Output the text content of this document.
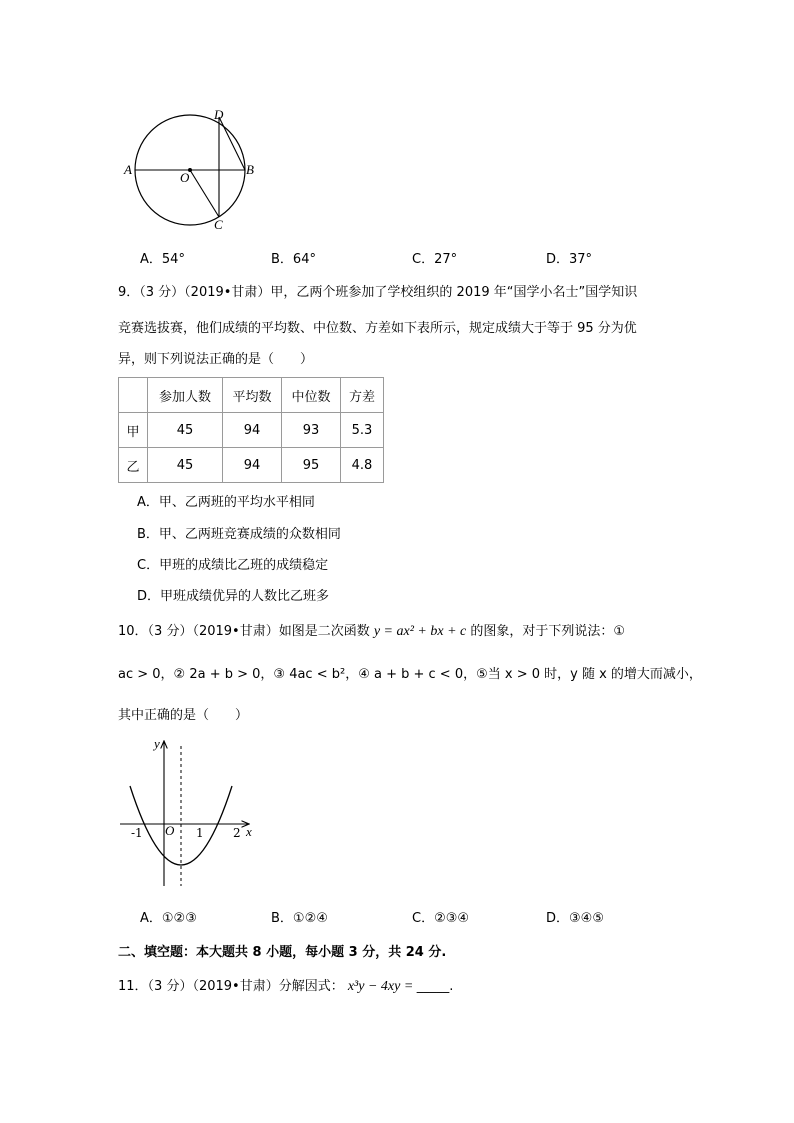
D
A
O
B
C
A．54°	B．64°	C．27°	D．37°
9．（3 分）（2019•甘肃）甲，乙两个班参加了学校组织的 2019 年“国学小名士”国学知识
竞赛选拔赛，他们成绩的平均数、中位数、方差如下表所示，规定成绩大于等于 95 分为优
异，则下列说法正确的是（　　）
	参加人数	平均数	中位数	方差
甲	45	94	93	5.3
乙	45	94	95	4.8
A．甲、乙两班的平均水平相同
B．甲、乙两班竞赛成绩的众数相同
C．甲班的成绩比乙班的成绩稳定
D．甲班成绩优异的人数比乙班多
10．（3 分）（2019•甘肃）如图是二次函数 y = ax² + bx + c 的图象，对于下列说法：①
ac > 0，② 2a + b > 0，③ 4ac < b²，④ a + b + c < 0，⑤当 x > 0 时，y 随 x 的增大而减小，
其中正确的是（　　）
y
x
O
-1	1 2
A．①②③	B．①②④	C．②③④	D．③④⑤
二、填空题：本大题共 8 小题，每小题 3 分，共 24 分.
11．（3 分）（2019•甘肃）分解因式： x³y − 4xy = _____.
